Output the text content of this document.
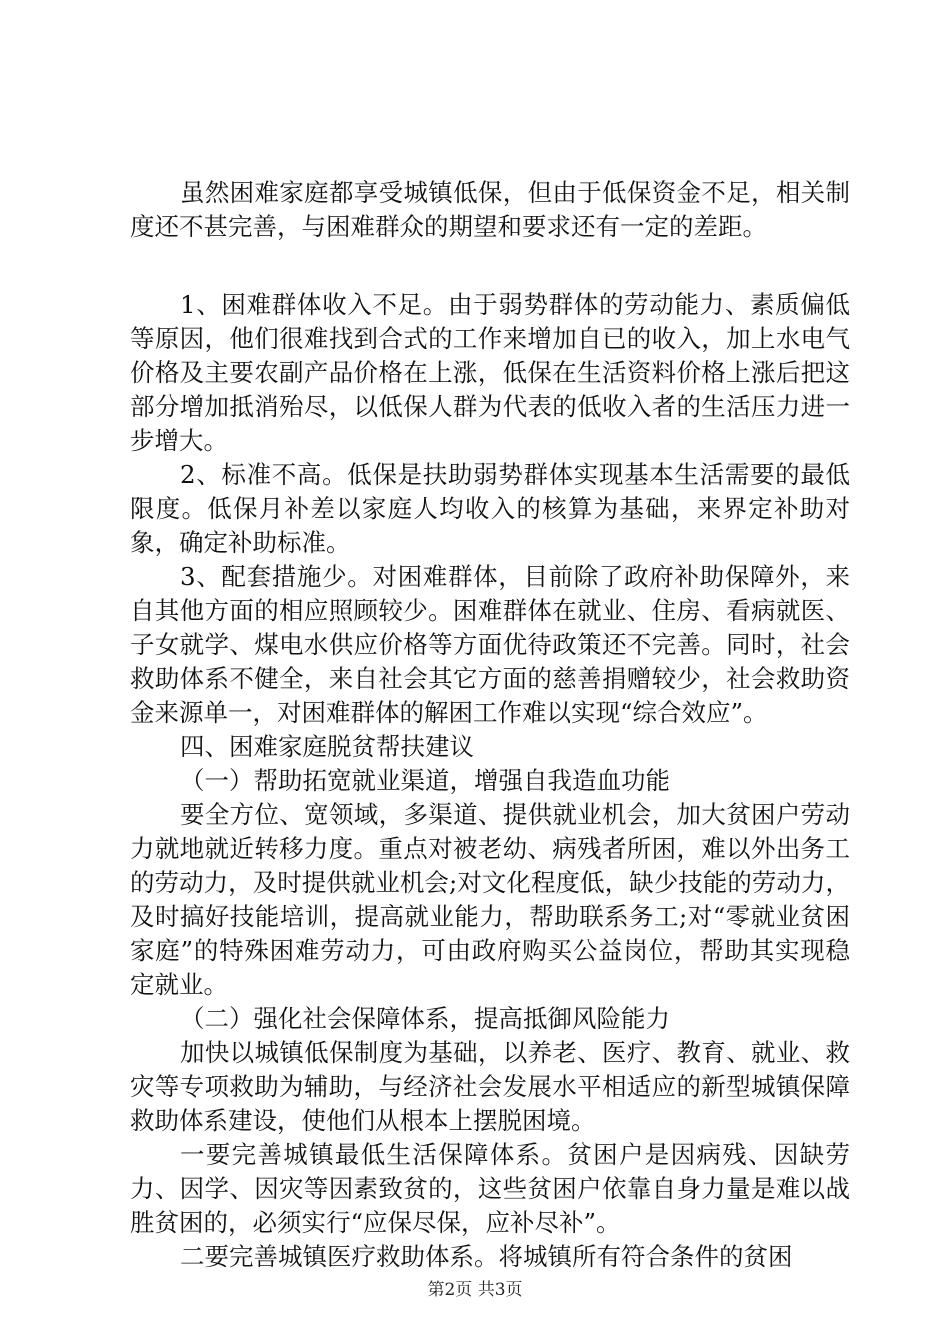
虽然困难家庭都享受城镇低保，但由于低保资金不足，相关制度还不甚完善，与困难群众的期望和要求还有一定的差距。

1、困难群体收入不足。由于弱势群体的劳动能力、素质偏低等原因，他们很难找到合式的工作来增加自已的收入，加上水电气价格及主要农副产品价格在上涨，低保在生活资料价格上涨后把这部分增加抵消殆尽，以低保人群为代表的低收入者的生活压力进一步增大。

2、标准不高。低保是扶助弱势群体实现基本生活需要的最低限度。低保月补差以家庭人均收入的核算为基础，来界定补助对象，确定补助标准。

3、配套措施少。对困难群体，目前除了政府补助保障外，来自其他方面的相应照顾较少。困难群体在就业、住房、看病就医、子女就学、煤电水供应价格等方面优待政策还不完善。同时，社会救助体系不健全，来自社会其它方面的慈善捐赠较少，社会救助资金来源单一，对困难群体的解困工作难以实现“综合效应”。

四、困难家庭脱贫帮扶建议

（一）帮助拓宽就业渠道，增强自我造血功能

要全方位、宽领域，多渠道、提供就业机会，加大贫困户劳动力就地就近转移力度。重点对被老幼、病残者所困，难以外出务工的劳动力，及时提供就业机会;对文化程度低，缺少技能的劳动力，及时搞好技能培训，提高就业能力，帮助联系务工;对“零就业贫困家庭”的特殊困难劳动力，可由政府购买公益岗位，帮助其实现稳定就业。

（二）强化社会保障体系，提高抵御风险能力

加快以城镇低保制度为基础，以养老、医疗、教育、就业、救灾等专项救助为辅助，与经济社会发展水平相适应的新型城镇保障救助体系建设，使他们从根本上摆脱困境。

一要完善城镇最低生活保障体系。贫困户是因病残、因缺劳力、因学、因灾等因素致贫的，这些贫困户依靠自身力量是难以战胜贫困的，必须实行“应保尽保，应补尽补”。

二要完善城镇医疗救助体系。将城镇所有符合条件的贫困

第2页 共3页
